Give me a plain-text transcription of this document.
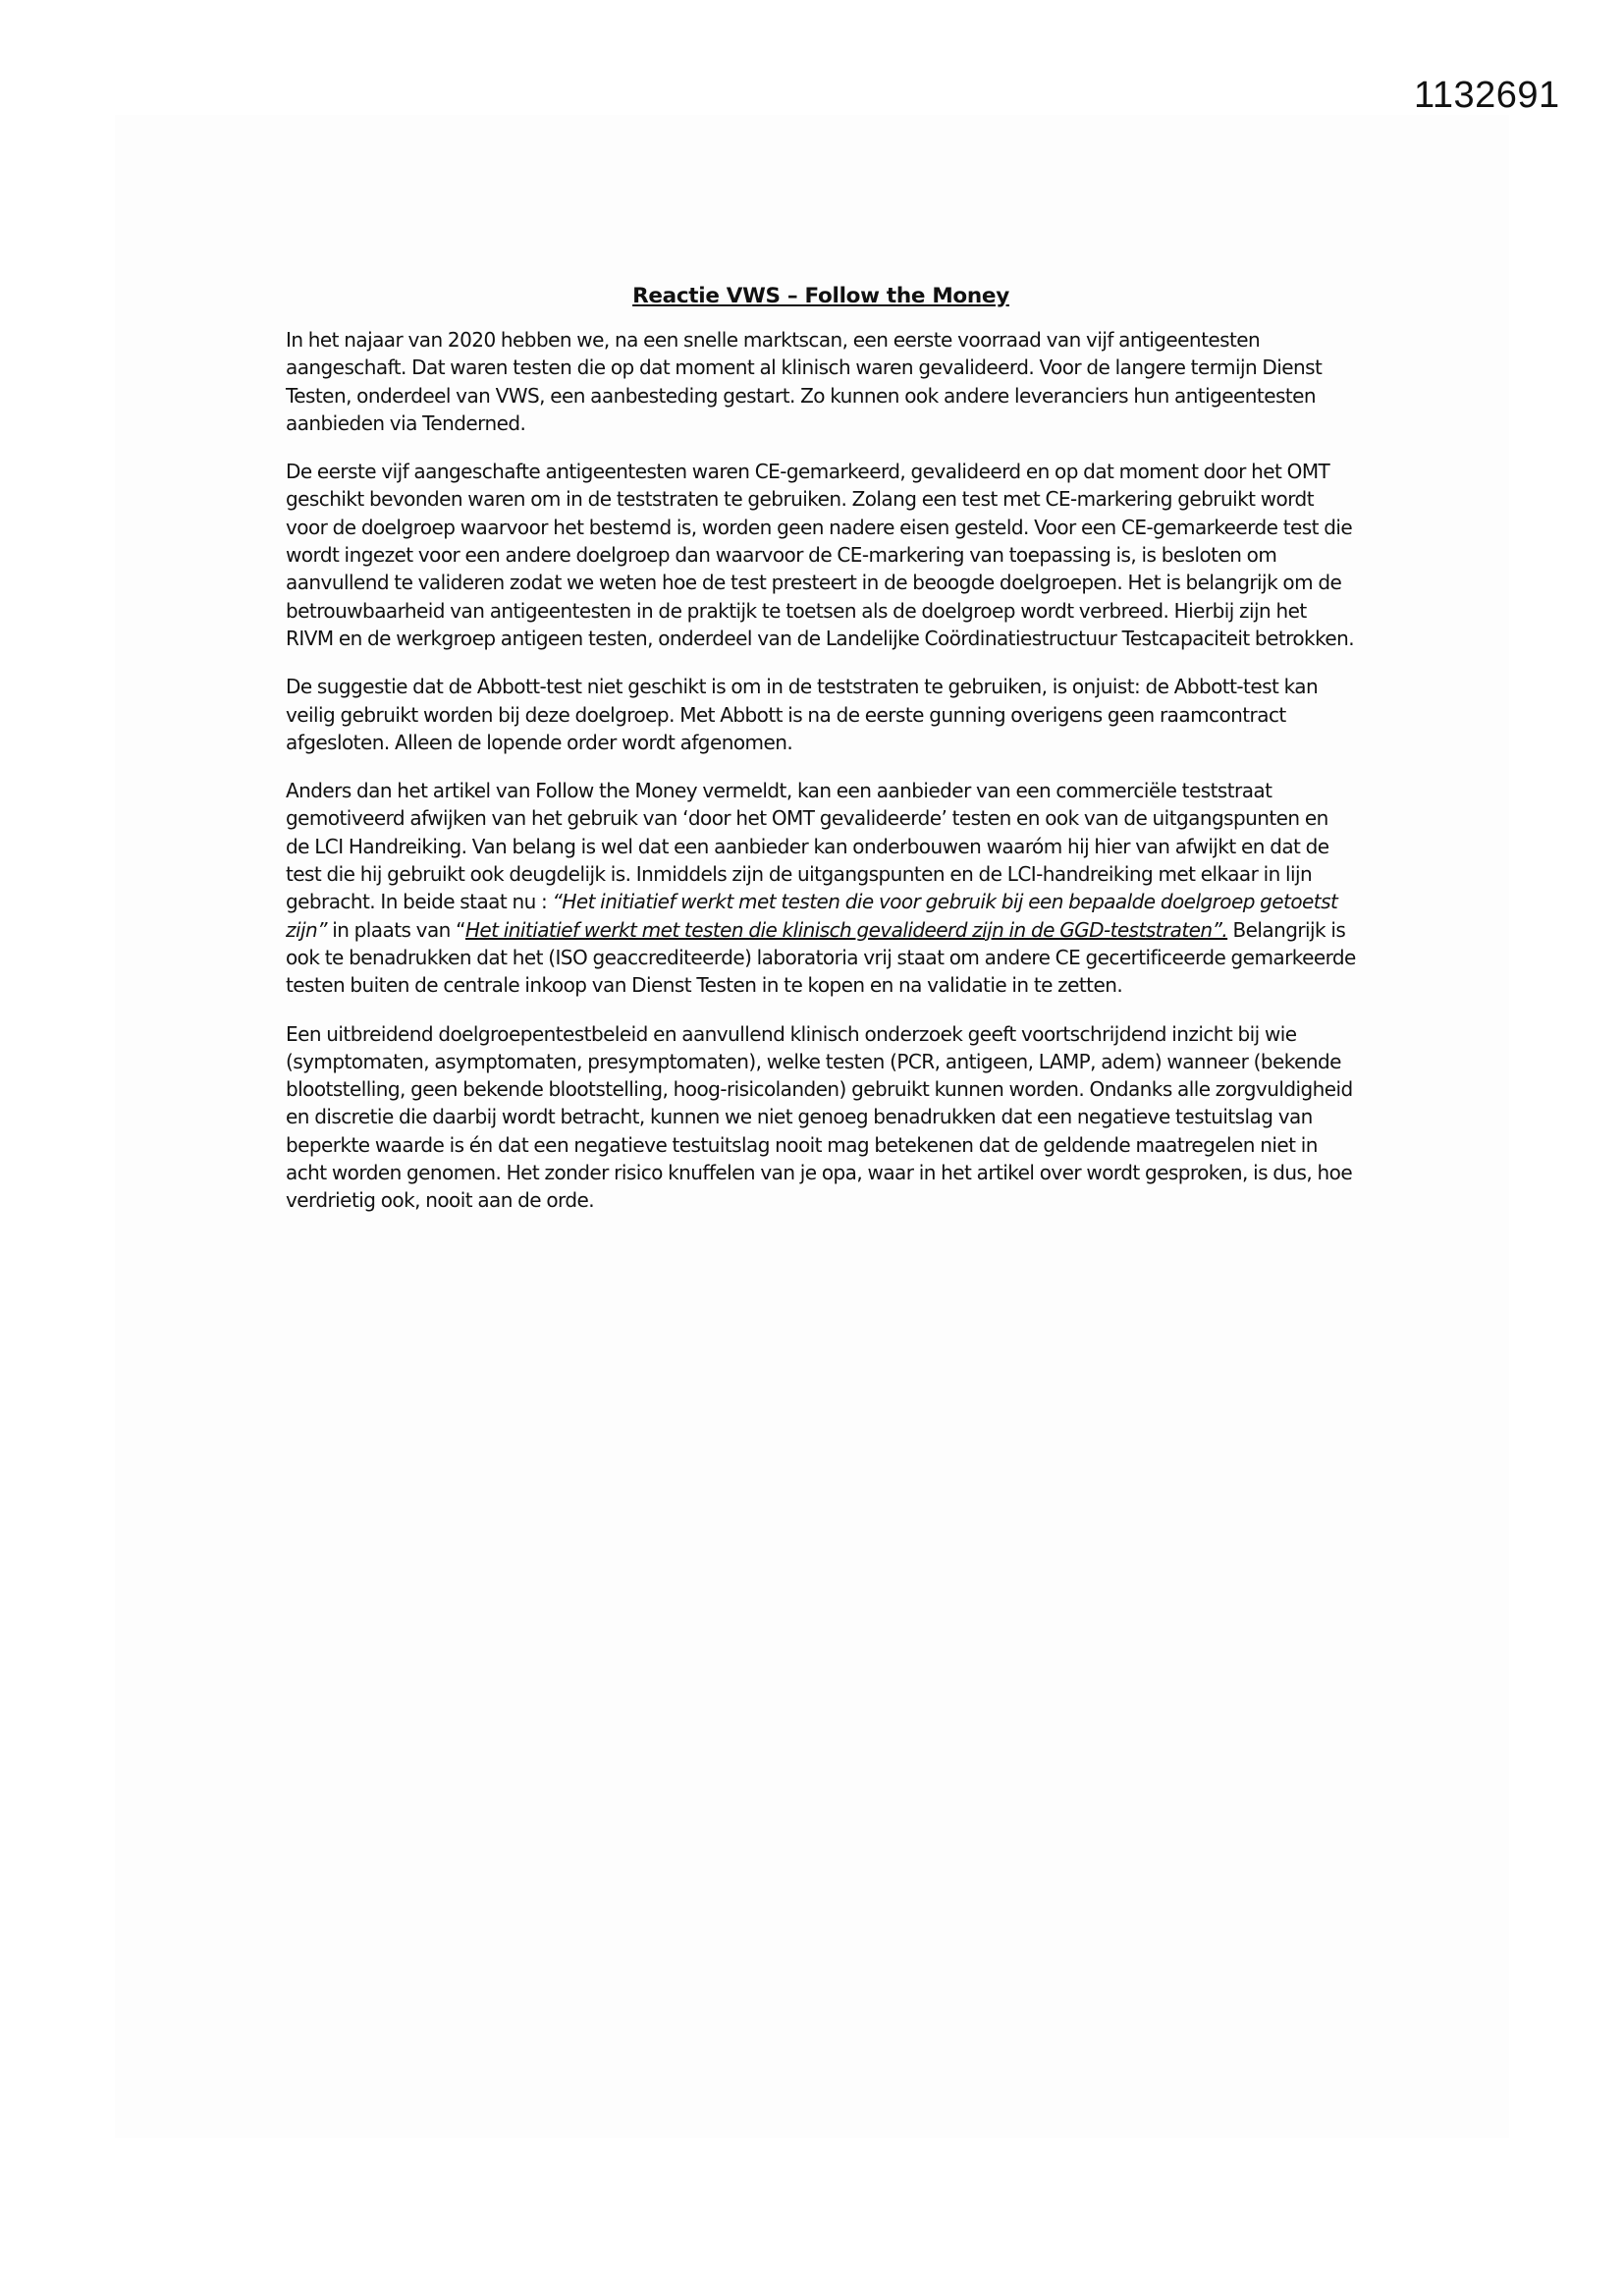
1132691
Reactie VWS – Follow the Money

In het najaar van 2020 hebben we, na een snelle marktscan, een eerste voorraad van vijf antigeentesten aangeschaft. Dat waren testen die op dat moment al klinisch waren gevalideerd. Voor de langere termijn Dienst Testen, onderdeel van VWS, een aanbesteding gestart. Zo kunnen ook andere leveranciers hun antigeentesten aanbieden via Tenderned.

De eerste vijf aangeschafte antigeentesten waren CE-gemarkeerd, gevalideerd en op dat moment door het OMT geschikt bevonden waren om in de teststraten te gebruiken. Zolang een test met CE-markering gebruikt wordt voor de doelgroep waarvoor het bestemd is, worden geen nadere eisen gesteld. Voor een CE-gemarkeerde test die wordt ingezet voor een andere doelgroep dan waarvoor de CE-markering van toepassing is, is besloten om aanvullend te valideren zodat we weten hoe de test presteert in de beoogde doelgroepen. Het is belangrijk om de betrouwbaarheid van antigeentesten in de praktijk te toetsen als de doelgroep wordt verbreed. Hierbij zijn het RIVM en de werkgroep antigeen testen, onderdeel van de Landelijke Coördinatiestructuur Testcapaciteit betrokken.

De suggestie dat de Abbott-test niet geschikt is om in de teststraten te gebruiken, is onjuist: de Abbott-test kan veilig gebruikt worden bij deze doelgroep. Met Abbott is na de eerste gunning overigens geen raamcontract afgesloten. Alleen de lopende order wordt afgenomen.

Anders dan het artikel van Follow the Money vermeldt, kan een aanbieder van een commerciële teststraat gemotiveerd afwijken van het gebruik van ‘door het OMT gevalideerde’ testen en ook van de uitgangspunten en de LCI Handreiking. Van belang is wel dat een aanbieder kan onderbouwen waaróm hij hier van afwijkt en dat de test die hij gebruikt ook deugdelijk is. Inmiddels zijn de uitgangspunten en de LCI-handreiking met elkaar in lijn gebracht. In beide staat nu : “Het initiatief werkt met testen die voor gebruik bij een bepaalde doelgroep getoetst zijn” in plaats van “Het initiatief werkt met testen die klinisch gevalideerd zijn in de GGD-teststraten”. Belangrijk is ook te benadrukken dat het (ISO geaccrediteerde) laboratoria vrij staat om andere CE gecertificeerde gemarkeerde testen buiten de centrale inkoop van Dienst Testen in te kopen en na validatie in te zetten.

Een uitbreidend doelgroepentestbeleid en aanvullend klinisch onderzoek geeft voortschrijdend inzicht bij wie (symptomaten, asymptomaten, presymptomaten), welke testen (PCR, antigeen, LAMP, adem) wanneer (bekende blootstelling, geen bekende blootstelling, hoog-risicolanden) gebruikt kunnen worden. Ondanks alle zorgvuldigheid en discretie die daarbij wordt betracht, kunnen we niet genoeg benadrukken dat een negatieve testuitslag van beperkte waarde is én dat een negatieve testuitslag nooit mag betekenen dat de geldende maatregelen niet in acht worden genomen. Het zonder risico knuffelen van je opa, waar in het artikel over wordt gesproken, is dus, hoe verdrietig ook, nooit aan de orde.
